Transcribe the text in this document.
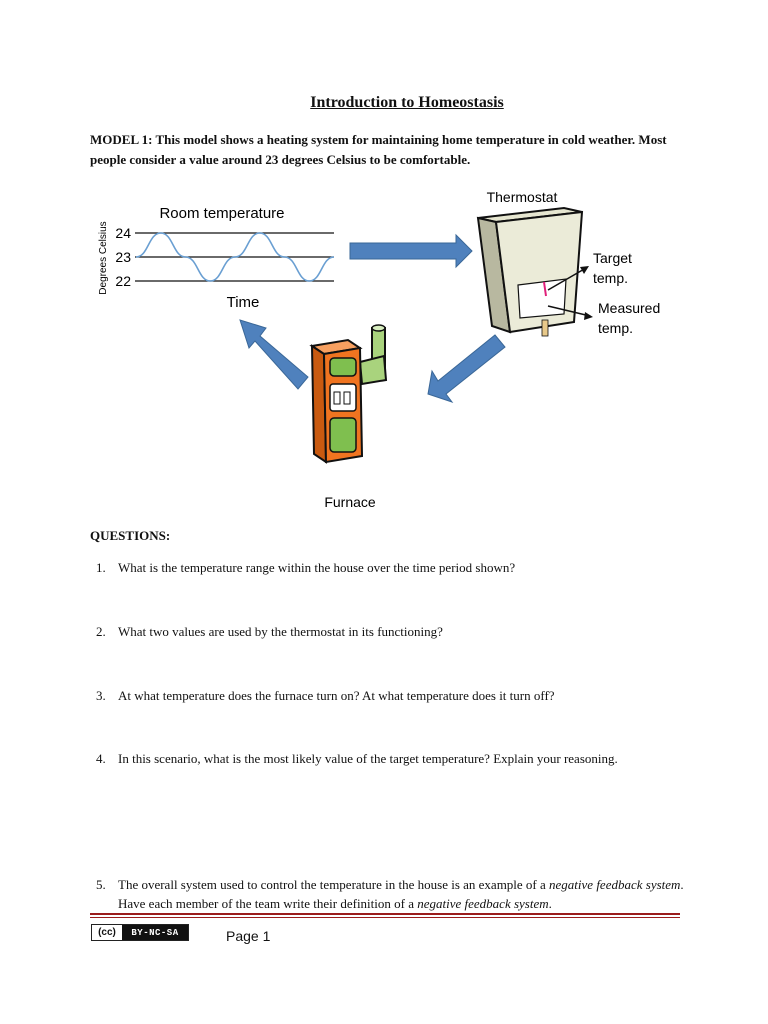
Introduction to Homeostasis
MODEL 1: This model shows a heating system for maintaining home temperature in cold weather. Most people consider a value around 23 degrees Celsius to be comfortable.
Room temperature
Degrees Celsius 24
23
22
Time
Thermostat
Target
temp.
Measured
temp.
Furnace
QUESTIONS:
1. What is the temperature range within the house over the time period shown?
2. What two values are used by the thermostat in its functioning?
3. At what temperature does the furnace turn on? At what temperature does it turn off?
4. In this scenario, what is the most likely value of the target temperature? Explain your reasoning.
5. The overall system used to control the temperature in the house is an example of a negative feedback system. Have each member of the team write their definition of a negative feedback system.
(cc)	BY-NC-SA	Page 1
